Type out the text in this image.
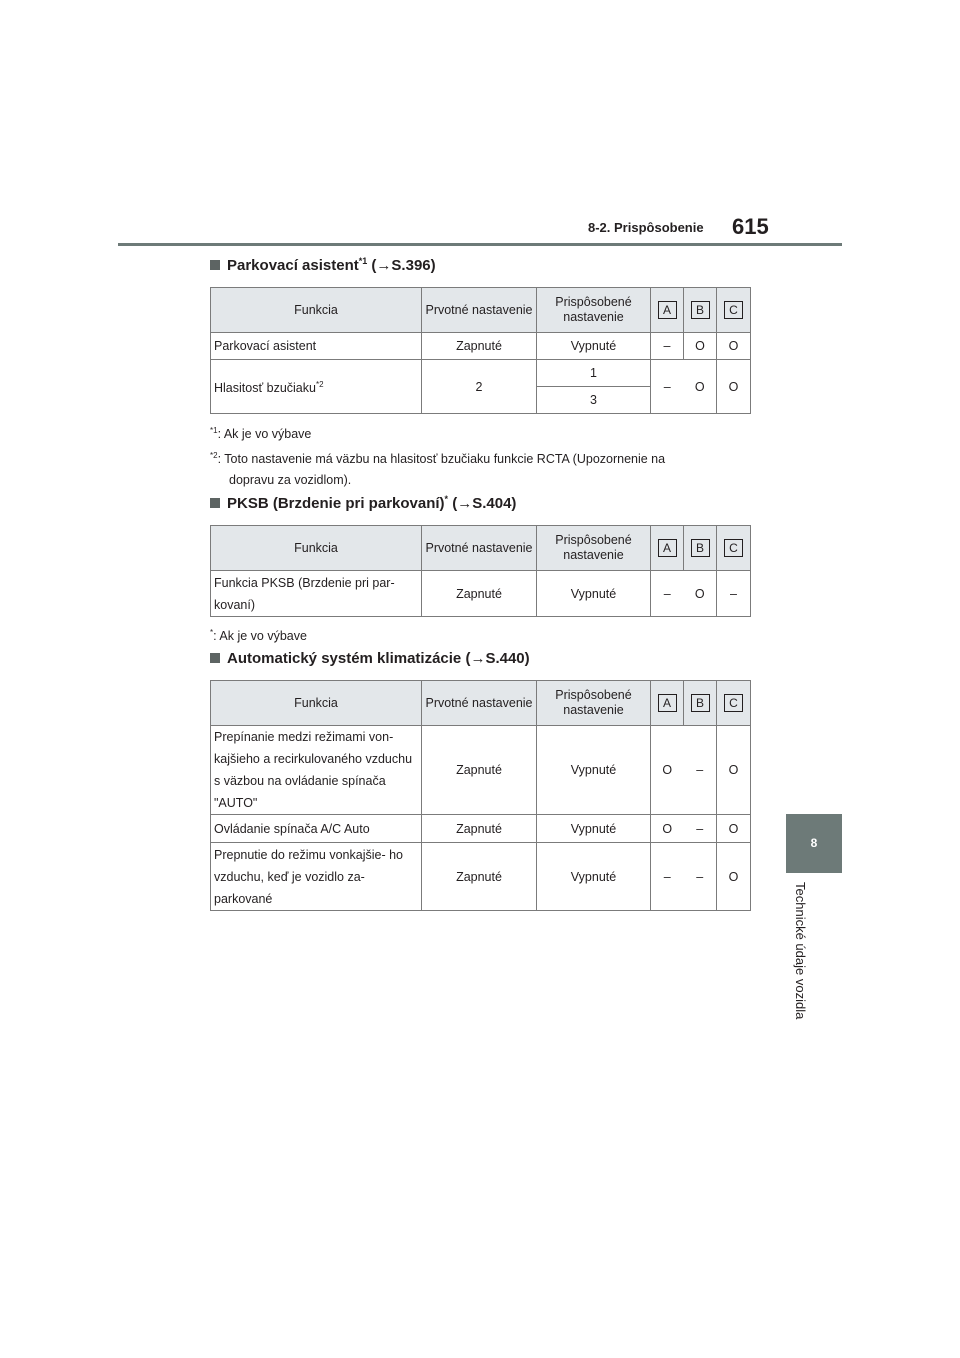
8-2. Prispôsobenie 615
8
Technické údaje vozidla
Parkovací asistent$^{*1}$ (→S.396)
Funkcia	Prvotné nastavenie	Prispôsobené nastavenie	A	B	C
Parkovací asistent	Zapnuté	Vypnuté	–	O	O
Hlasitosť bzučiaku$^{*2}$	2	1	–	O	O
		3			
$^{*1}$: Ak je vo výbave
$^{*2}$: Toto nastavenie má väzbu na hlasitosť bzučiaku funkcie RCTA (Upozornenie na
dopravu za vozidlom).
PKSB (Brzdenie pri parkovaní)* (→S.404)
Funkcia	Prvotné nastavenie	Prispôsobené nastavenie	A	B	C
Funkcia PKSB (Brzdenie pri par- kovaní)	Zapnuté	Vypnuté	–	O	–
*: Ak je vo výbave
Automatický systém klimatizácie (→S.440)
Funkcia	Prvotné nastavenie	Prispôsobené nastavenie	A	B	C
Prepínanie medzi režimami von- kajšieho a recirkulovaného vzduchu s väzbou na ovládanie spínača "AUTO"	Zapnuté	Vypnuté	O	–	O
Ovládanie spínača A/C Auto	Zapnuté	Vypnuté	O	–	O
Prepnutie do režimu vonkajšie- ho vzduchu, keď je vozidlo za- parkované	Zapnuté	Vypnuté	–	–	O
